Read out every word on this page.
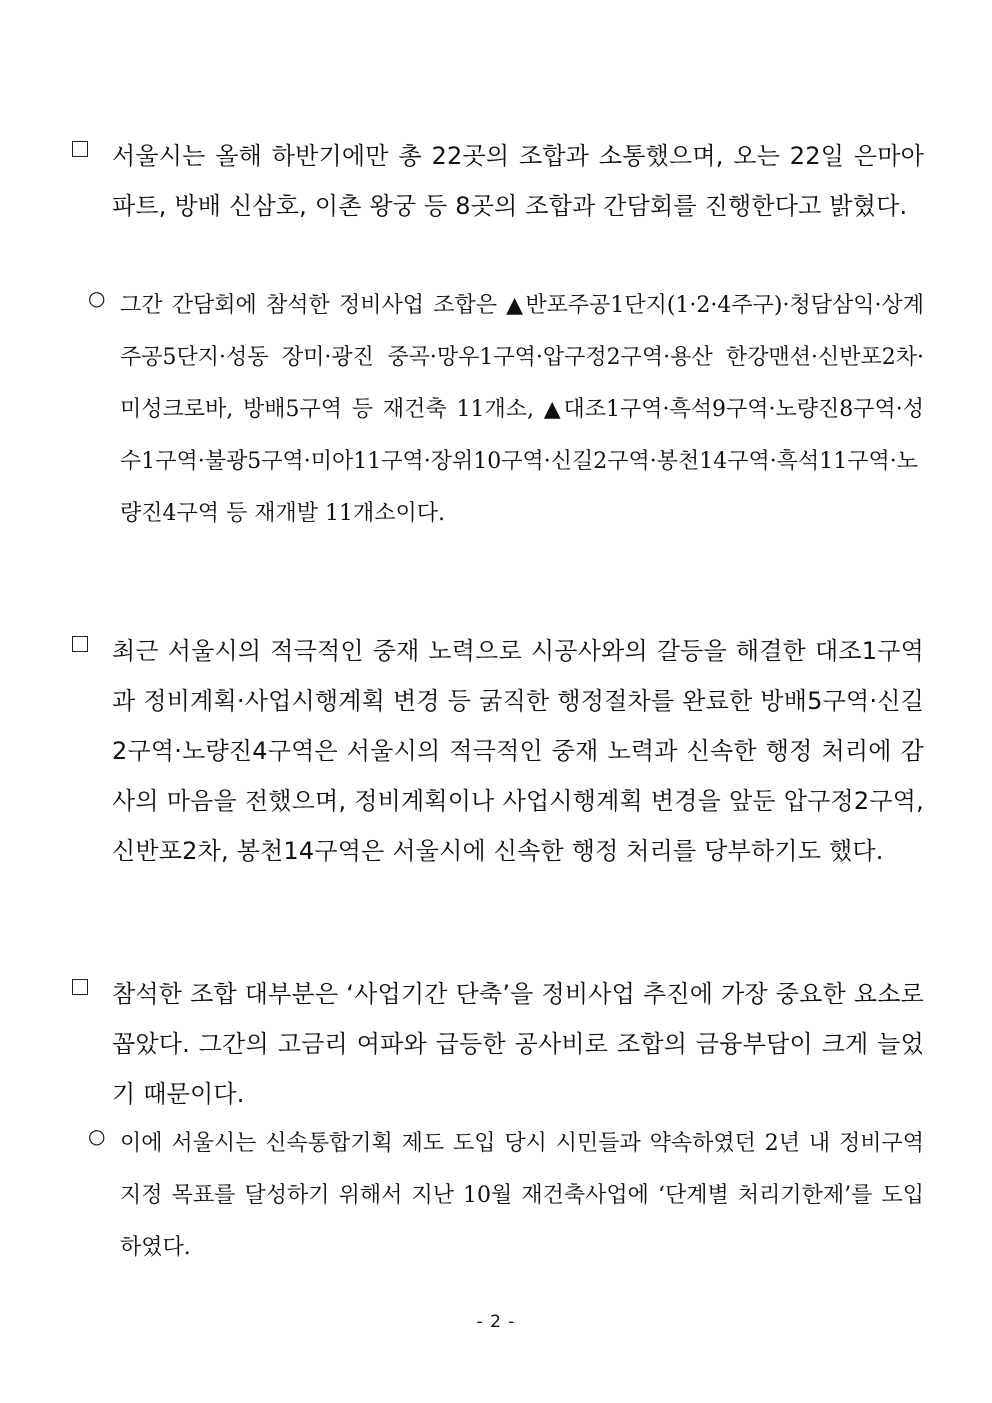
서울시는 올해 하반기에만 총 22곳의 조합과 소통했으며, 오는 22일 은마아파트, 방배 신삼호, 이촌 왕궁 등 8곳의 조합과 간담회를 진행한다고 밝혔다.
○ 그간 간담회에 참석한 정비사업 조합은 ▲반포주공1단지(1·2·4주구)·청담삼익·상계주공5단지·성동 장미·광진 중곡·망우1구역·압구정2구역·용산 한강맨션·신반포2차·미성크로바, 방배5구역 등 재건축 11개소, ▲대조1구역·흑석9구역·노량진8구역·성수1구역·불광5구역·미아11구역·장위10구역·신길2구역·봉천14구역·흑석11구역·노량진4구역 등 재개발 11개소이다.
최근 서울시의 적극적인 중재 노력으로 시공사와의 갈등을 해결한 대조1구역과 정비계획·사업시행계획 변경 등 굵직한 행정절차를 완료한 방배5구역·신길2구역·노량진4구역은 서울시의 적극적인 중재 노력과 신속한 행정 처리에 감사의 마음을 전했으며, 정비계획이나 사업시행계획 변경을 앞둔 압구정2구역, 신반포2차, 봉천14구역은 서울시에 신속한 행정 처리를 당부하기도 했다.
참석한 조합 대부분은 ‘사업기간 단축’을 정비사업 추진에 가장 중요한 요소로 꼽았다. 그간의 고금리 여파와 급등한 공사비로 조합의 금융부담이 크게 늘었기 때문이다.
○ 이에 서울시는 신속통합기획 제도 도입 당시 시민들과 약속하였던 2년 내 정비구역 지정 목표를 달성하기 위해서 지난 10월 재건축사업에 ‘단계별 처리기한제’를 도입하였다.
- 2 -
